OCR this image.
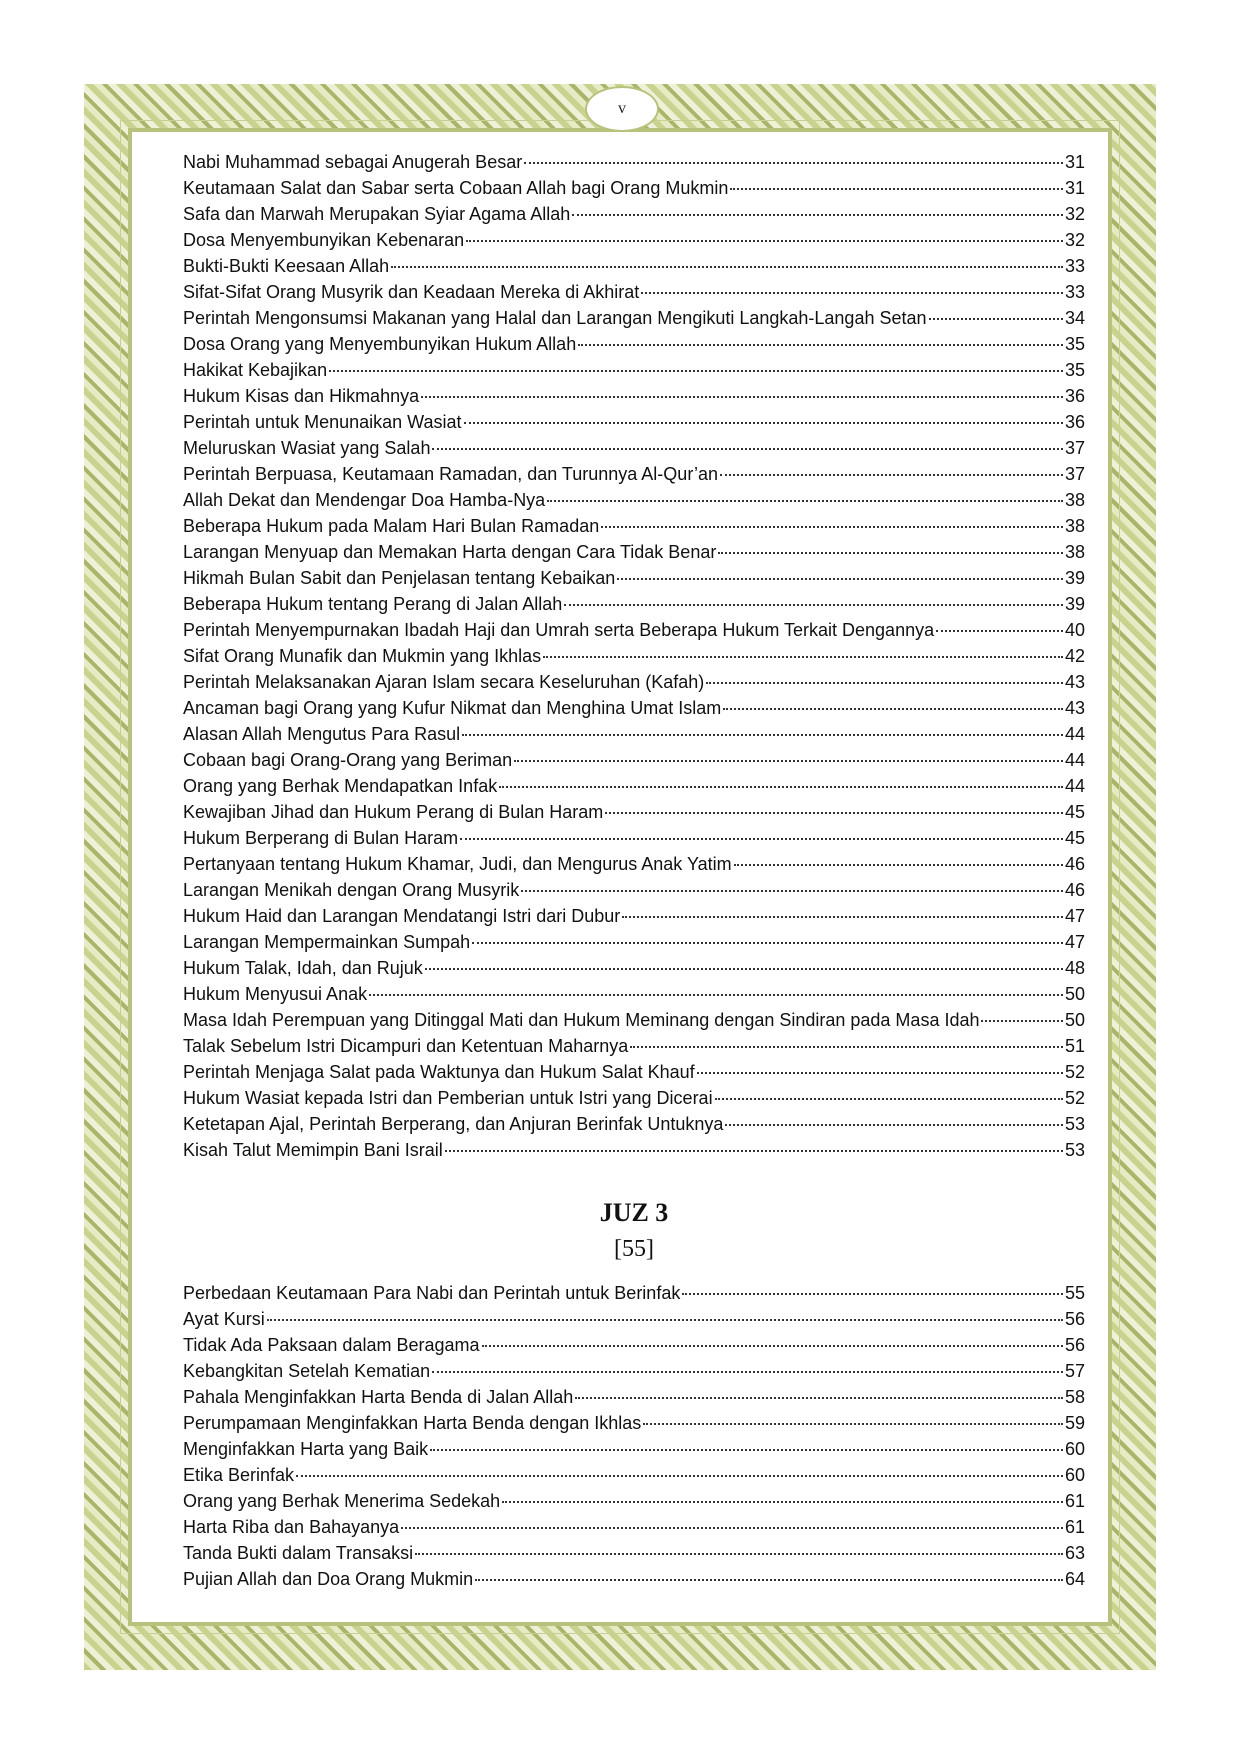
v
Nabi Muhammad sebagai Anugerah Besar	31
Keutamaan Salat dan Sabar serta Cobaan Allah bagi Orang Mukmin	31
Safa dan Marwah Merupakan Syiar Agama Allah	32
Dosa Menyembunyikan Kebenaran	32
Bukti-Bukti Keesaan Allah	33
Sifat-Sifat Orang Musyrik dan Keadaan Mereka di Akhirat	33
Perintah Mengonsumsi Makanan yang Halal dan Larangan Mengikuti Langkah-Langah Setan	34
Dosa Orang yang Menyembunyikan Hukum Allah	35
Hakikat Kebajikan	35
Hukum Kisas dan Hikmahnya	36
Perintah untuk Menunaikan Wasiat	36
Meluruskan Wasiat yang Salah	37
Perintah Berpuasa, Keutamaan Ramadan, dan Turunnya Al-Qur’an	37
Allah Dekat dan Mendengar Doa Hamba-Nya	38
Beberapa Hukum pada Malam Hari Bulan Ramadan	38
Larangan Menyuap dan Memakan Harta dengan Cara Tidak Benar	38
Hikmah Bulan Sabit dan Penjelasan tentang Kebaikan	39
Beberapa Hukum tentang Perang di Jalan Allah	39
Perintah Menyempurnakan Ibadah Haji dan Umrah serta Beberapa Hukum Terkait Dengannya	40
Sifat Orang Munafik dan Mukmin yang Ikhlas	42
Perintah Melaksanakan Ajaran Islam secara Keseluruhan (Kafah)	43
Ancaman bagi Orang yang Kufur Nikmat dan Menghina Umat Islam	43
Alasan Allah Mengutus Para Rasul	44
Cobaan bagi Orang-Orang yang Beriman	44
Orang yang Berhak Mendapatkan Infak	44
Kewajiban Jihad dan Hukum Perang di Bulan Haram	45
Hukum Berperang di Bulan Haram	45
Pertanyaan tentang Hukum Khamar, Judi, dan Mengurus Anak Yatim	46
Larangan Menikah dengan Orang Musyrik	46
Hukum Haid dan Larangan Mendatangi Istri dari Dubur	47
Larangan Mempermainkan Sumpah	47
Hukum Talak, Idah, dan Rujuk	48
Hukum Menyusui Anak	50
Masa Idah Perempuan yang Ditinggal Mati dan Hukum Meminang dengan Sindiran pada Masa Idah	50
Talak Sebelum Istri Dicampuri dan Ketentuan Maharnya	51
Perintah Menjaga Salat pada Waktunya dan Hukum Salat Khauf	52
Hukum Wasiat kepada Istri dan Pemberian untuk Istri yang Dicerai	52
Ketetapan Ajal, Perintah Berperang, dan Anjuran Berinfak Untuknya	53
Kisah Talut Memimpin Bani Israil	53
JUZ 3
[55]
Perbedaan Keutamaan Para Nabi dan Perintah untuk Berinfak	55
Ayat Kursi	56
Tidak Ada Paksaan dalam Beragama	56
Kebangkitan Setelah Kematian	57
Pahala Menginfakkan Harta Benda di Jalan Allah	58
Perumpamaan Menginfakkan Harta Benda dengan Ikhlas	59
Menginfakkan Harta yang Baik	60
Etika Berinfak	60
Orang yang Berhak Menerima Sedekah	61
Harta Riba dan Bahayanya	61
Tanda Bukti dalam Transaksi	63
Pujian Allah dan Doa Orang Mukmin	64
